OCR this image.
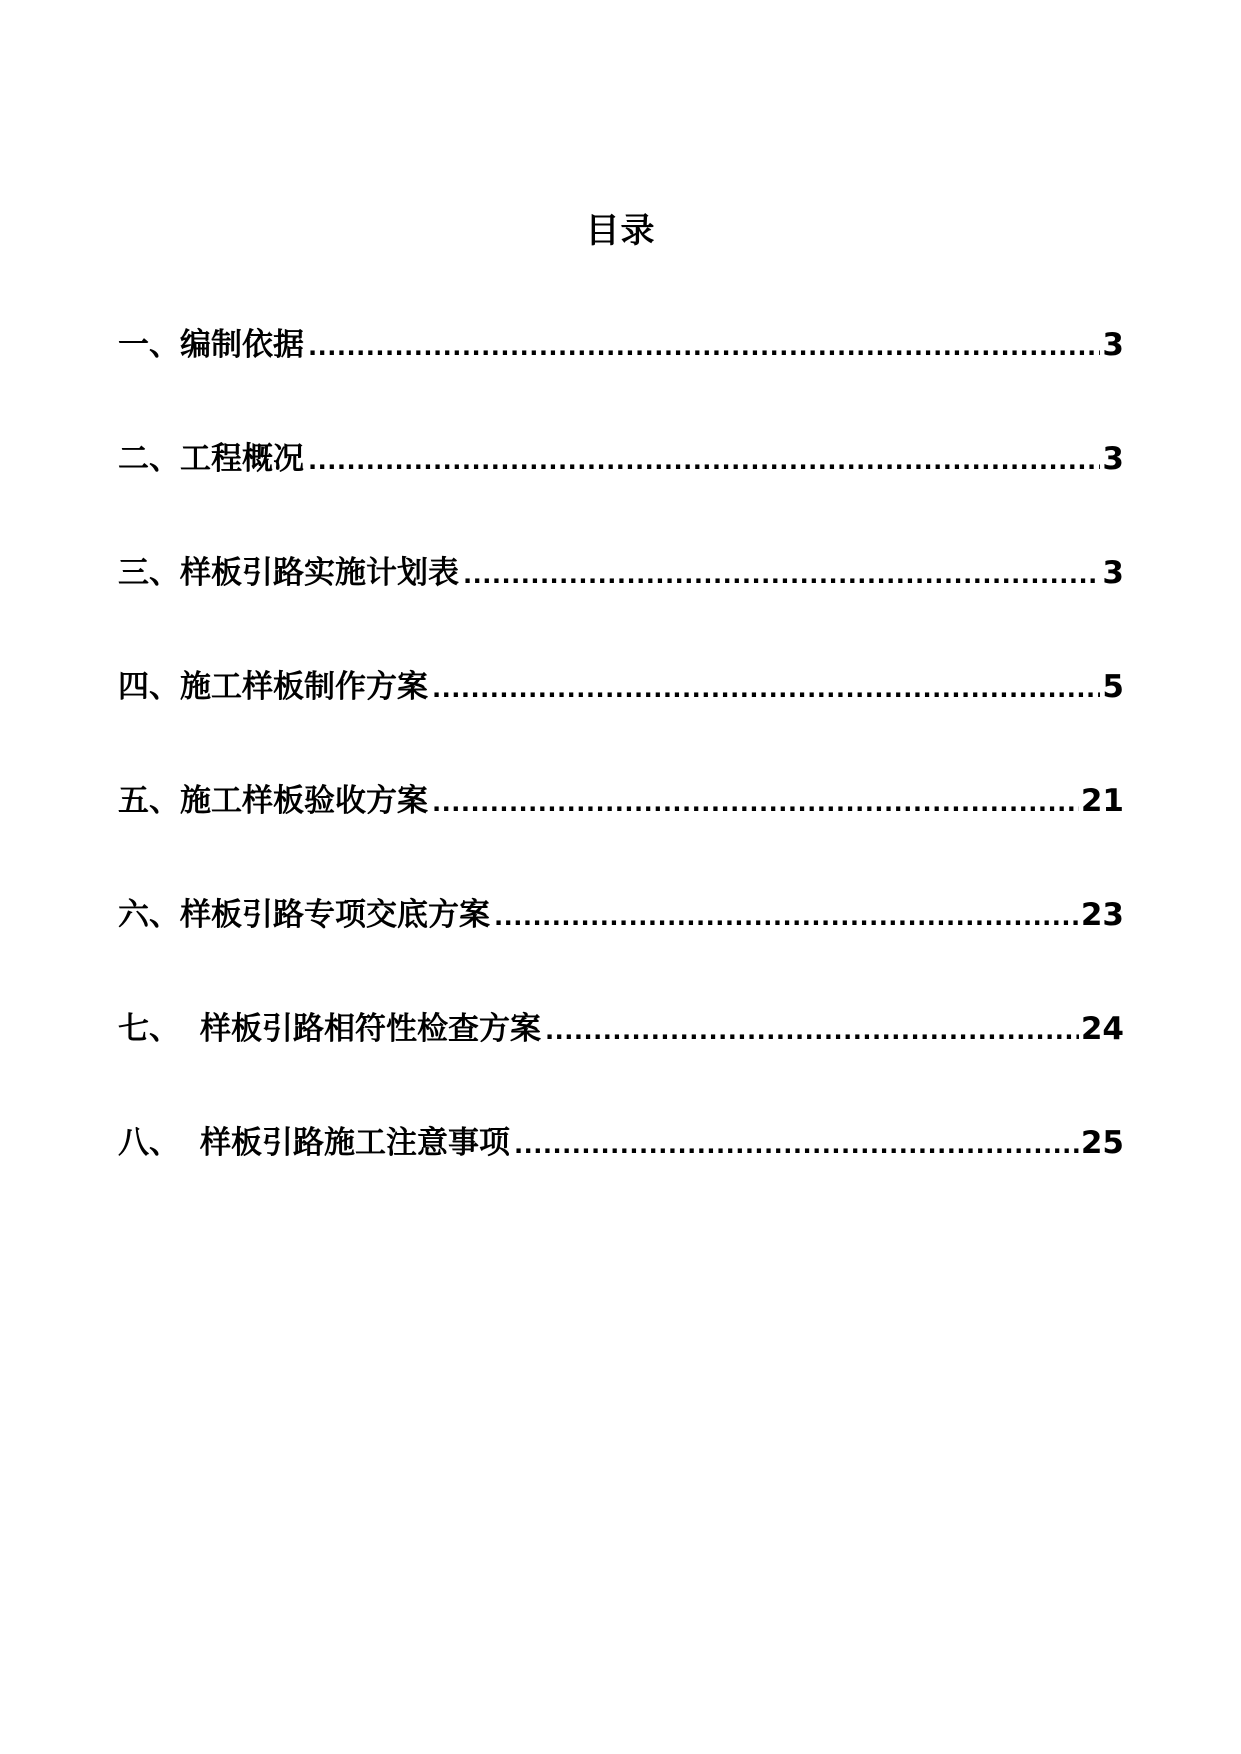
目录
一、 编制依据 .....	3
二、 工程概况 .....	3
三、 样板引路实施计划表 .....	3
四、 施工样板制作方案 .....	5
五、 施工样板验收方案 .....	21
六、 样板引路专项交底方案 .....	23
七、 样板引路相符性检查方案 .....	24
八、 样板引路施工注意事项 .....	25
